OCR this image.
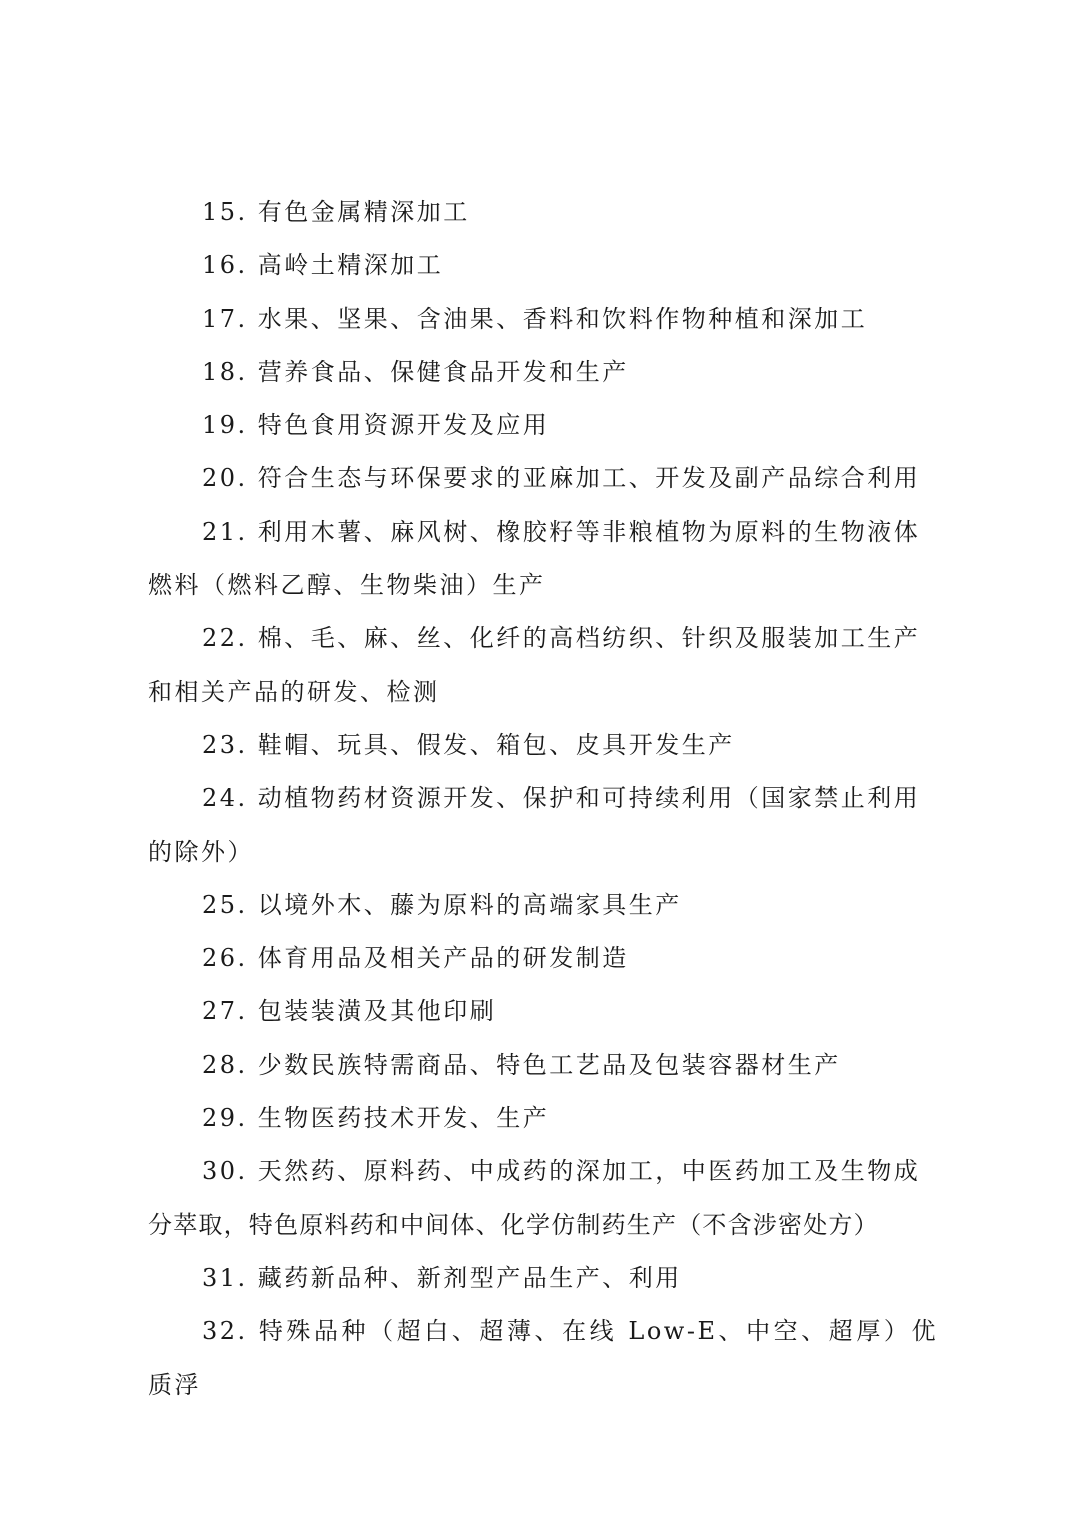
15. 有色金属精深加工

16. 高岭土精深加工

17. 水果、坚果、含油果、香料和饮料作物种植和深加工

18. 营养食品、保健食品开发和生产

19. 特色食用资源开发及应用

20. 符合生态与环保要求的亚麻加工、开发及副产品综合利用

21. 利用木薯、麻风树、橡胶籽等非粮植物为原料的生物液体
燃料（燃料乙醇、生物柴油）生产

22. 棉、毛、麻、丝、化纤的高档纺织、针织及服装加工生产
和相关产品的研发、检测

23. 鞋帽、玩具、假发、箱包、皮具开发生产

24. 动植物药材资源开发、保护和可持续利用（国家禁止利用
的除外）

25. 以境外木、藤为原料的高端家具生产

26. 体育用品及相关产品的研发制造

27. 包装装潢及其他印刷

28. 少数民族特需商品、特色工艺品及包装容器材生产

29. 生物医药技术开发、生产

30. 天然药、原料药、中成药的深加工，中医药加工及生物成
分萃取，特色原料药和中间体、化学仿制药生产（不含涉密处方）

31. 藏药新品种、新剂型产品生产、利用

32. 特殊品种（超白、超薄、在线 Low-E、中空、超厚）优质浮
